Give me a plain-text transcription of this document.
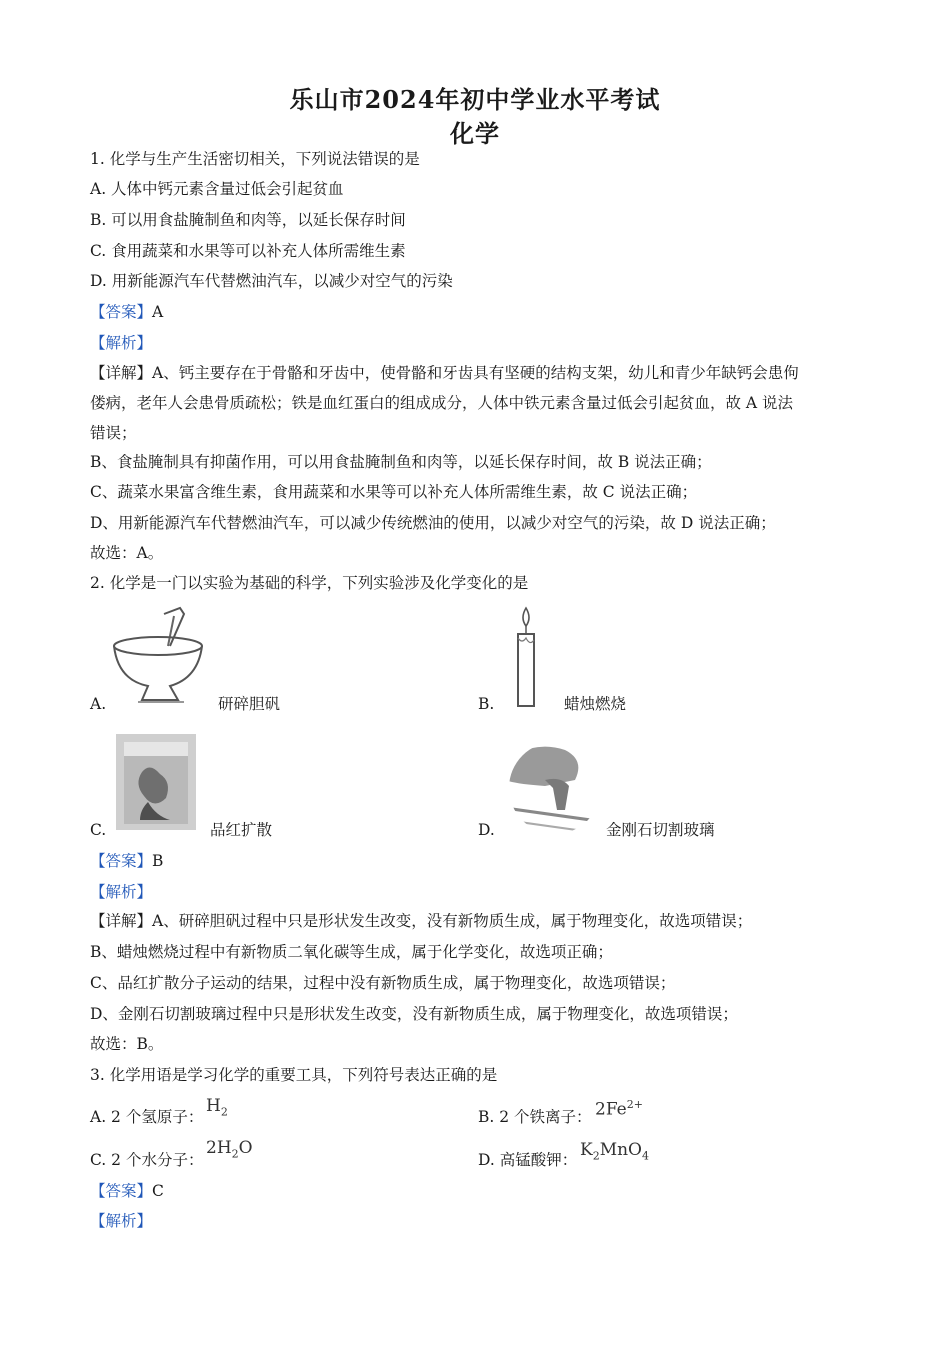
乐山市2024年初中学业水平考试
化学
1. 化学与生产生活密切相关，下列说法错误的是
A. 人体中钙元素含量过低会引起贫血
B. 可以用食盐腌制鱼和肉等，以延长保存时间
C. 食用蔬菜和水果等可以补充人体所需维生素
D. 用新能源汽车代替燃油汽车，以减少对空气的污染
【答案】A
【解析】
【详解】A、钙主要存在于骨骼和牙齿中，使骨骼和牙齿具有坚硬的结构支架，幼儿和青少年缺钙会患佝
偻病，老年人会患骨质疏松；铁是血红蛋白的组成成分，人体中铁元素含量过低会引起贫血，故 A 说法
错误；
B、食盐腌制具有抑菌作用，可以用食盐腌制鱼和肉等，以延长保存时间，故 B 说法正确；
C、蔬菜水果富含维生素，食用蔬菜和水果等可以补充人体所需维生素，故 C 说法正确；
D、用新能源汽车代替燃油汽车，可以减少传统燃油的使用，以减少对空气的污染，故 D 说法正确；
故选：A。
2. 化学是一门以实验为基础的科学，下列实验涉及化学变化的是
A.	研碎胆矾	B.	蜡烛燃烧
C.	品红扩散	D.	金刚石切割玻璃
【答案】B
【解析】
【详解】A、研碎胆矾过程中只是形状发生改变，没有新物质生成，属于物理变化，故选项错误；
B、蜡烛燃烧过程中有新物质二氧化碳等生成，属于化学变化，故选项正确；
C、品红扩散分子运动的结果，过程中没有新物质生成，属于物理变化，故选项错误；
D、金刚石切割玻璃过程中只是形状发生改变，没有新物质生成，属于物理变化，故选项错误；
故选：B。
3. 化学用语是学习化学的重要工具，下列符号表达正确的是
A. 2 个氢原子：
$H_2$	B. 2 个铁离子： $2Fe^{2+}$
C. 2 个水分子：
$2H_2O$
D. 高锰酸钾： $K_2MnO_4$
【答案】C
【解析】
